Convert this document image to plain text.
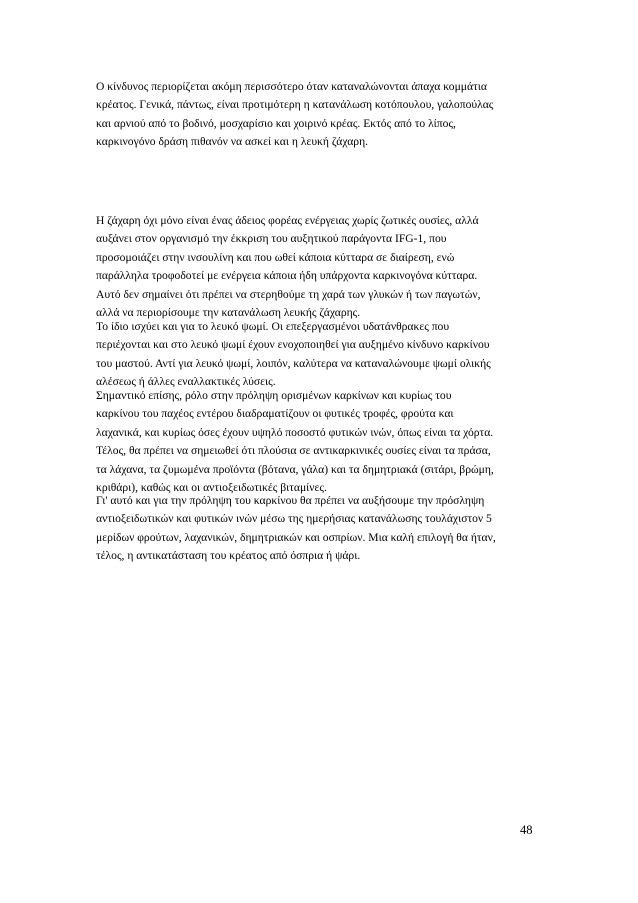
Ο κίνδυνος περιορίζεται ακόμη περισσότερο όταν καταναλώνονται άπαχα κομμάτια
κρέατος. Γενικά, πάντως, είναι προτιμότερη η κατανάλωση κοτόπουλου, γαλοπούλας
και αρνιού από το βοδινό, μοσχαρίσιο και χοιρινό κρέας. Εκτός από το λίπος,
καρκινογόνο δράση πιθανόν να ασκεί και η λευκή ζάχαρη.

Η ζάχαρη όχι μόνο είναι ένας άδειος φορέας ενέργειας χωρίς ζωτικές ουσίες, αλλά
αυξάνει στον οργανισμό την έκκριση του αυξητικού παράγοντα IFG-1, που
προσομοιάζει στην ινσουλίνη και που ωθεί κάποια κύτταρα σε διαίρεση, ενώ
παράλληλα τροφοδοτεί με ενέργεια κάποια ήδη υπάρχοντα καρκινογόνα κύτταρα.
Αυτό δεν σημαίνει ότι πρέπει να στερηθούμε τη χαρά των γλυκών ή των παγωτών,
αλλά να περιορίσουμε την κατανάλωση λευκής ζάχαρης.

Το ίδιο ισχύει και για το λευκό ψωμί. Οι επεξεργασμένοι υδατάνθρακες που
περιέχονται και στο λευκό ψωμί έχουν ενοχοποιηθεί για αυξημένο κίνδυνο καρκίνου
του μαστού. Αντί για λευκό ψωμί, λοιπόν, καλύτερα να καταναλώνουμε ψωμί ολικής
αλέσεως ή άλλες εναλλακτικές λύσεις.

Σημαντικό επίσης, ρόλο στην πρόληψη ορισμένων καρκίνων και κυρίως του
καρκίνου του παχέος εντέρου διαδραματίζουν οι φυτικές τροφές, φρούτα και
λαχανικά, και κυρίως όσες έχουν υψηλό ποσοστό φυτικών ινών, όπως είναι τα χόρτα.
Τέλος, θα πρέπει να σημειωθεί ότι πλούσια σε αντικαρκινικές ουσίες είναι τα πράσα,
τα λάχανα, τα ζυμωμένα προϊόντα (βότανα, γάλα) και τα δημητριακά (σιτάρι, βρώμη,
κριθάρι), καθώς και οι αντιοξειδωτικές βιταμίνες.

Γι' αυτό και για την πρόληψη του καρκίνου θα πρέπει να αυξήσουμε την πρόσληψη
αντιοξειδωτικών και φυτικών ινών μέσω της ημερήσιας κατανάλωσης τουλάχιστον 5
μερίδων φρούτων, λαχανικών, δημητριακών και οσπρίων. Μια καλή επιλογή θα ήταν,
τέλος, η αντικατάσταση του κρέατος από όσπρια ή ψάρι.

48
